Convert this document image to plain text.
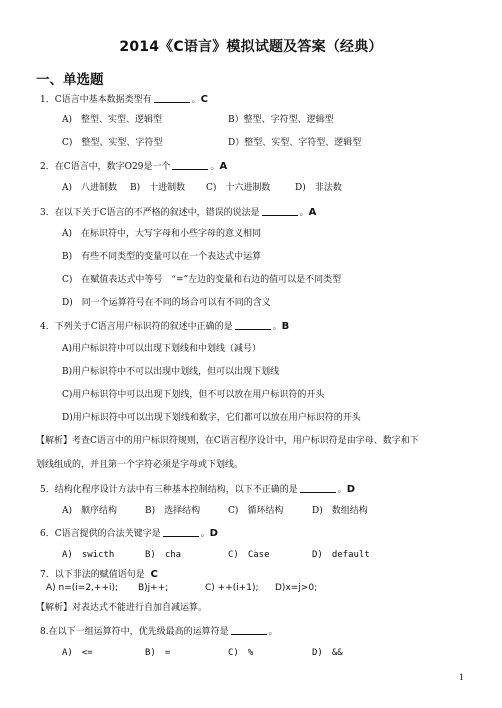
2014《C语言》模拟试题及答案（经典）
一、单选题
1．C语言中基本数据类型有	。C
A)　整型、实型、逻辑型	B）整型、字符型、逻辑型
C)　整型、实型、字符型	D）整型、实型、字符型、逻辑型
2．在C语言中，数字O29是一个	。A
A)　八进制数 B)　十进制数 C)　十六进制数	D)　非法数
3．在以下关于C语言的不严格的叙述中，错误的说法是	。A
A)　在标识符中，大写字母和小些字母的意义相同
B)　有些不同类型的变量可以在一个表达式中运算
C)　在赋值表达式中等号　“=”左边的变量和右边的值可以是不同类型
D)　同一个运算符号在不同的场合可以有不同的含义
4．下列关于C语言用户标识符的叙述中正确的是	。B
A)用户标识符中可以出现下划线和中划线（减号）
B)用户标识符中不可以出现中划线，但可以出现下划线
C)用户标识符中可以出现下划线，但不可以放在用户标识符的开头
D)用户标识符中可以出现下划线和数字，它们都可以放在用户标识符的开头
【解析】考查C语言中的用户标识符规则，在C语言程序设计中，用户标识符是由字母、数字和下
划线组成的，并且第一个字符必须是字母或下划线。
5．结构化程序设计方法中有三种基本控制结构，以下不正确的是	。D
A)　顺序结构	B)　选择结构	C)　循环结构	D)　数组结构
6．C语言提供的合法关键字是	。D
A)　swicth	B)　cha	C)　Case	D)　default
7．以下非法的赋值语句是 C
A) n=(i=2,++i); B)j++;	C) ++(i+1); D)x=j>0;
【解析】对表达式不能进行自加自减运算。
8.在以下一组运算符中，优先级最高的运算符是	。
A)　<=	B)　=	C)　%	D)　&&
1
